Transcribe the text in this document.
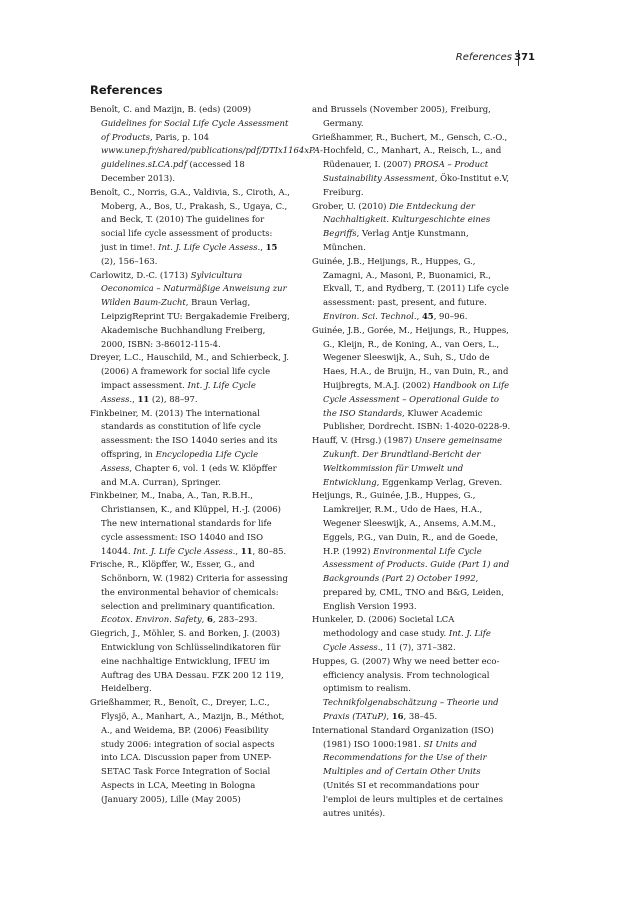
References 371
References

Benoît, C. and Mazijn, B. (eds) (2009) Guidelines for Social Life Cycle Assessment of Products, Paris, p. 104 www.unep.fr/shared/publications/pdf/DTIx1164xPA-guidelines.sLCA.pdf (accessed 18 December 2013).

Benoît, C., Norris, G.A., Valdivia, S., Ciroth, A., Moberg, A., Bos, U., Prakash, S., Ugaya, C., and Beck, T. (2010) The guidelines for social life cycle assessment of products: just in time!. Int. J. Life Cycle Assess., 15 (2), 156–163.

Carlowitz, D.-C. (1713) Sylvicultura Oeconomica – Naturmäßige Anweisung zur Wilden Baum-Zucht, Braun Verlag, LeipzigReprint TU: Bergakademie Freiberg, Akademische Buchhandlung Freiberg, 2000, ISBN: 3-86012-115-4.

Dreyer, L.C., Hauschild, M., and Schierbeck, J. (2006) A framework for social life cycle impact assessment. Int. J. Life Cycle Assess., 11 (2), 88–97.

Finkbeiner, M. (2013) The international standards as constitution of life cycle assessment: the ISO 14040 series and its offspring, in Encyclopedia Life Cycle Assess, Chapter 6, vol. 1 (eds W. Klöpffer and M.A. Curran), Springer.

Finkbeiner, M., Inaba, A., Tan, R.B.H., Christiansen, K., and Klüppel, H.-J. (2006) The new international standards for life cycle assessment: ISO 14040 and ISO 14044. Int. J. Life Cycle Assess., 11, 80–85.

Frische, R., Klöpffer, W., Esser, G., and Schönborn, W. (1982) Criteria for assessing the environmental behavior of chemicals: selection and preliminary quantification. Ecotox. Environ. Safety, 6, 283–293.

Giegrich, J., Möhler, S. and Borken, J. (2003) Entwicklung von Schlüsselindikatoren für eine nachhaltige Entwicklung, IFEU im Auftrag des UBA Dessau. FZK 200 12 119, Heidelberg.

Grießhammer, R., Benoît, C., Dreyer, L.C., Flysjö, A., Manhart, A., Mazijn, B., Méthot, A., and Weidema, BP. (2006) Feasibility study 2006: integration of social aspects into LCA. Discussion paper from UNEP-SETAC Task Force Integration of Social Aspects in LCA, Meeting in Bologna (January 2005), Lille (May 2005)

and Brussels (November 2005), Freiburg, Germany.

Grießhammer, R., Buchert, M., Gensch, C.-O., Hochfeld, C., Manhart, A., Reisch, L., and Rüdenauer, I. (2007) PROSA – Product Sustainability Assessment, Öko-Institut e.V, Freiburg.

Grober, U. (2010) Die Entdeckung der Nachhaltigkeit. Kulturgeschichte eines Begriffs, Verlag Antje Kunstmann, München.

Guinée, J.B., Heijungs, R., Huppes, G., Zamagni, A., Masoni, P., Buonamici, R., Ekvall, T., and Rydberg, T. (2011) Life cycle assessment: past, present, and future. Environ. Sci. Technol., 45, 90–96.

Guinée, J.B., Gorée, M., Heijungs, R., Huppes, G., Kleijn, R., de Koning, A., van Oers, L., Wegener Sleeswijk, A., Suh, S., Udo de Haes, H.A., de Bruijn, H., van Duin, R., and Huijbregts, M.A.J. (2002) Handbook on Life Cycle Assessment – Operational Guide to the ISO Standards, Kluwer Academic Publisher, Dordrecht. ISBN: 1-4020-0228-9.

Hauff, V. (Hrsg.) (1987) Unsere gemeinsame Zukunft. Der Brundtland-Bericht der Weltkommission für Umwelt und Entwicklung, Eggenkamp Verlag, Greven.

Heijungs, R., Guinée, J.B., Huppes, G., Lamkreijer, R.M., Udo de Haes, H.A., Wegener Sleeswijk, A., Ansems, A.M.M., Eggels, P.G., van Duin, R., and de Goede, H.P. (1992) Environmental Life Cycle Assessment of Products. Guide (Part 1) and Backgrounds (Part 2) October 1992, prepared by, CML, TNO and B&G, Leiden, English Version 1993.

Hunkeler, D. (2006) Societal LCA methodology and case study. Int. J. Life Cycle Assess., 11 (7), 371–382.

Huppes, G. (2007) Why we need better eco-efficiency analysis. From technological optimism to realism. Technikfolgenabschätzung – Theorie und Praxis (TATuP), 16, 38–45.

International Standard Organization (ISO) (1981) ISO 1000:1981. SI Units and Recommendations for the Use of their Multiples and of Certain Other Units (Unités SI et recommandations pour l'emploi de leurs multiples et de certaines autres unités).
